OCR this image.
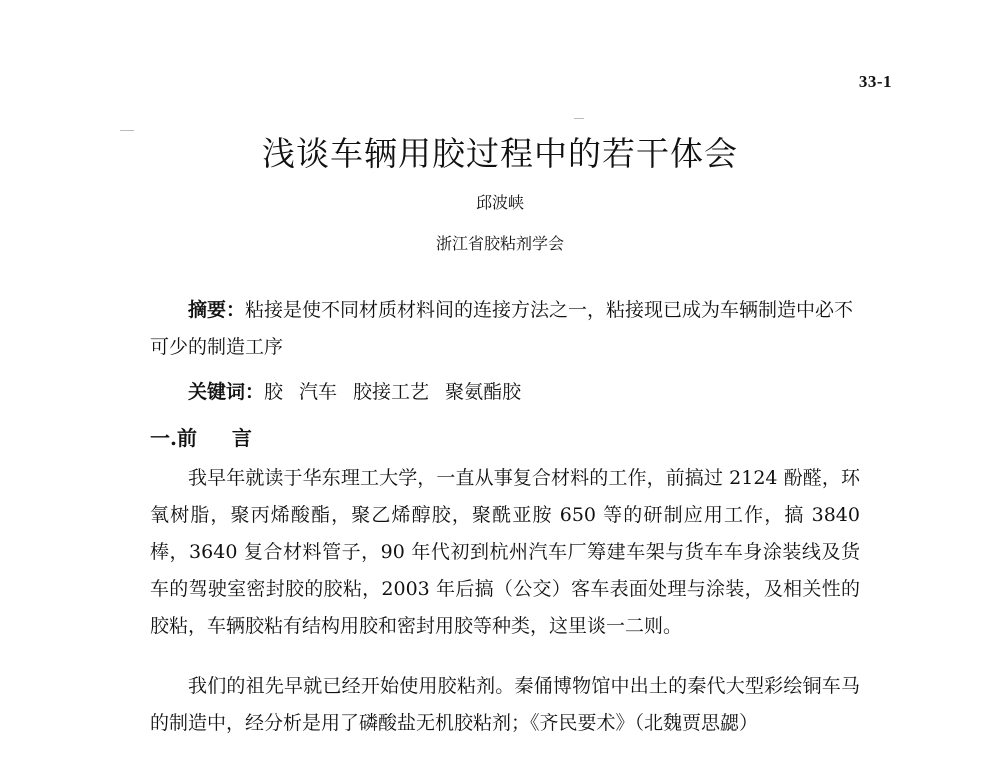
33-1
浅谈车辆用胶过程中的若干体会
邱波峡
浙江省胶粘剂学会
摘要：粘接是使不同材质材料间的连接方法之一，粘接现已成为车辆制造中必不可少的制造工序
关键词：胶 汽车 胶接工艺 聚氨酯胶
一.前 言
我早年就读于华东理工大学，一直从事复合材料的工作，前搞过 2124 酚醛，环氧树脂，聚丙烯酸酯，聚乙烯醇胶，聚酰亚胺 650 等的研制应用工作，搞 3840 棒，3640 复合材料管子，90 年代初到杭州汽车厂筹建车架与货车车身涂装线及货车的驾驶室密封胶的胶粘，2003 年后搞（公交）客车表面处理与涂装，及相关性的胶粘，车辆胶粘有结构用胶和密封用胶等种类，这里谈一二则。
我们的祖先早就已经开始使用胶粘剂。秦俑博物馆中出土的秦代大型彩绘铜车马的制造中，经分析是用了磷酸盐无机胶粘剂；《齐民要术》（北魏贾思勰）
